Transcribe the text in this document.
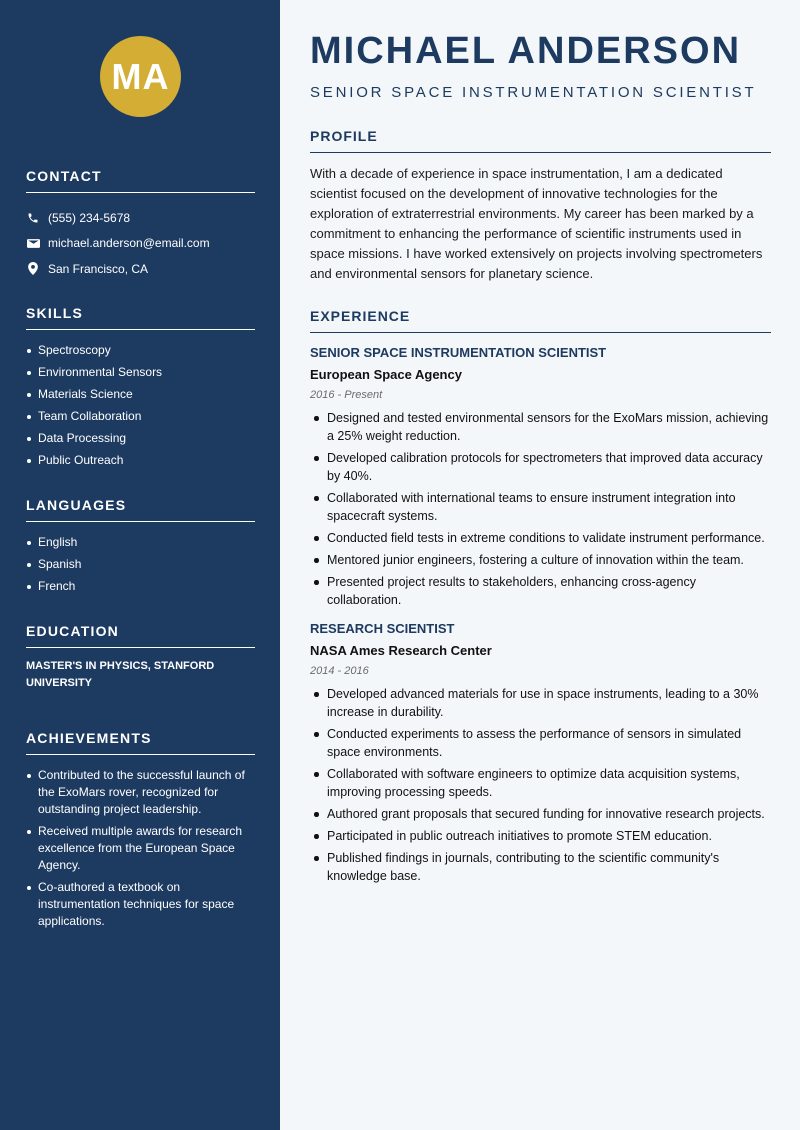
MA
CONTACT
(555) 234-5678
michael.anderson@email.com
San Francisco, CA
SKILLS
Spectroscopy
Environmental Sensors
Materials Science
Team Collaboration
Data Processing
Public Outreach
LANGUAGES
English
Spanish
French
EDUCATION
MASTER'S IN PHYSICS, STANFORD UNIVERSITY
ACHIEVEMENTS
Contributed to the successful launch of the ExoMars rover, recognized for outstanding project leadership.
Received multiple awards for research excellence from the European Space Agency.
Co-authored a textbook on instrumentation techniques for space applications.
MICHAEL ANDERSON
SENIOR SPACE INSTRUMENTATION SCIENTIST
PROFILE

With a decade of experience in space instrumentation, I am a dedicated scientist focused on the development of innovative technologies for the exploration of extraterrestrial environments. My career has been marked by a commitment to enhancing the performance of scientific instruments used in space missions. I have worked extensively on projects involving spectrometers and environmental sensors for planetary science.

EXPERIENCE
SENIOR SPACE INSTRUMENTATION SCIENTIST
European Space Agency
2016 - Present
Designed and tested environmental sensors for the ExoMars mission, achieving a 25% weight reduction.
Developed calibration protocols for spectrometers that improved data accuracy by 40%.
Collaborated with international teams to ensure instrument integration into spacecraft systems.
Conducted field tests in extreme conditions to validate instrument performance.
Mentored junior engineers, fostering a culture of innovation within the team.
Presented project results to stakeholders, enhancing cross-agency collaboration.
RESEARCH SCIENTIST
NASA Ames Research Center
2014 - 2016
Developed advanced materials for use in space instruments, leading to a 30% increase in durability.
Conducted experiments to assess the performance of sensors in simulated space environments.
Collaborated with software engineers to optimize data acquisition systems, improving processing speeds.
Authored grant proposals that secured funding for innovative research projects.
Participated in public outreach initiatives to promote STEM education.
Published findings in journals, contributing to the scientific community's knowledge base.
